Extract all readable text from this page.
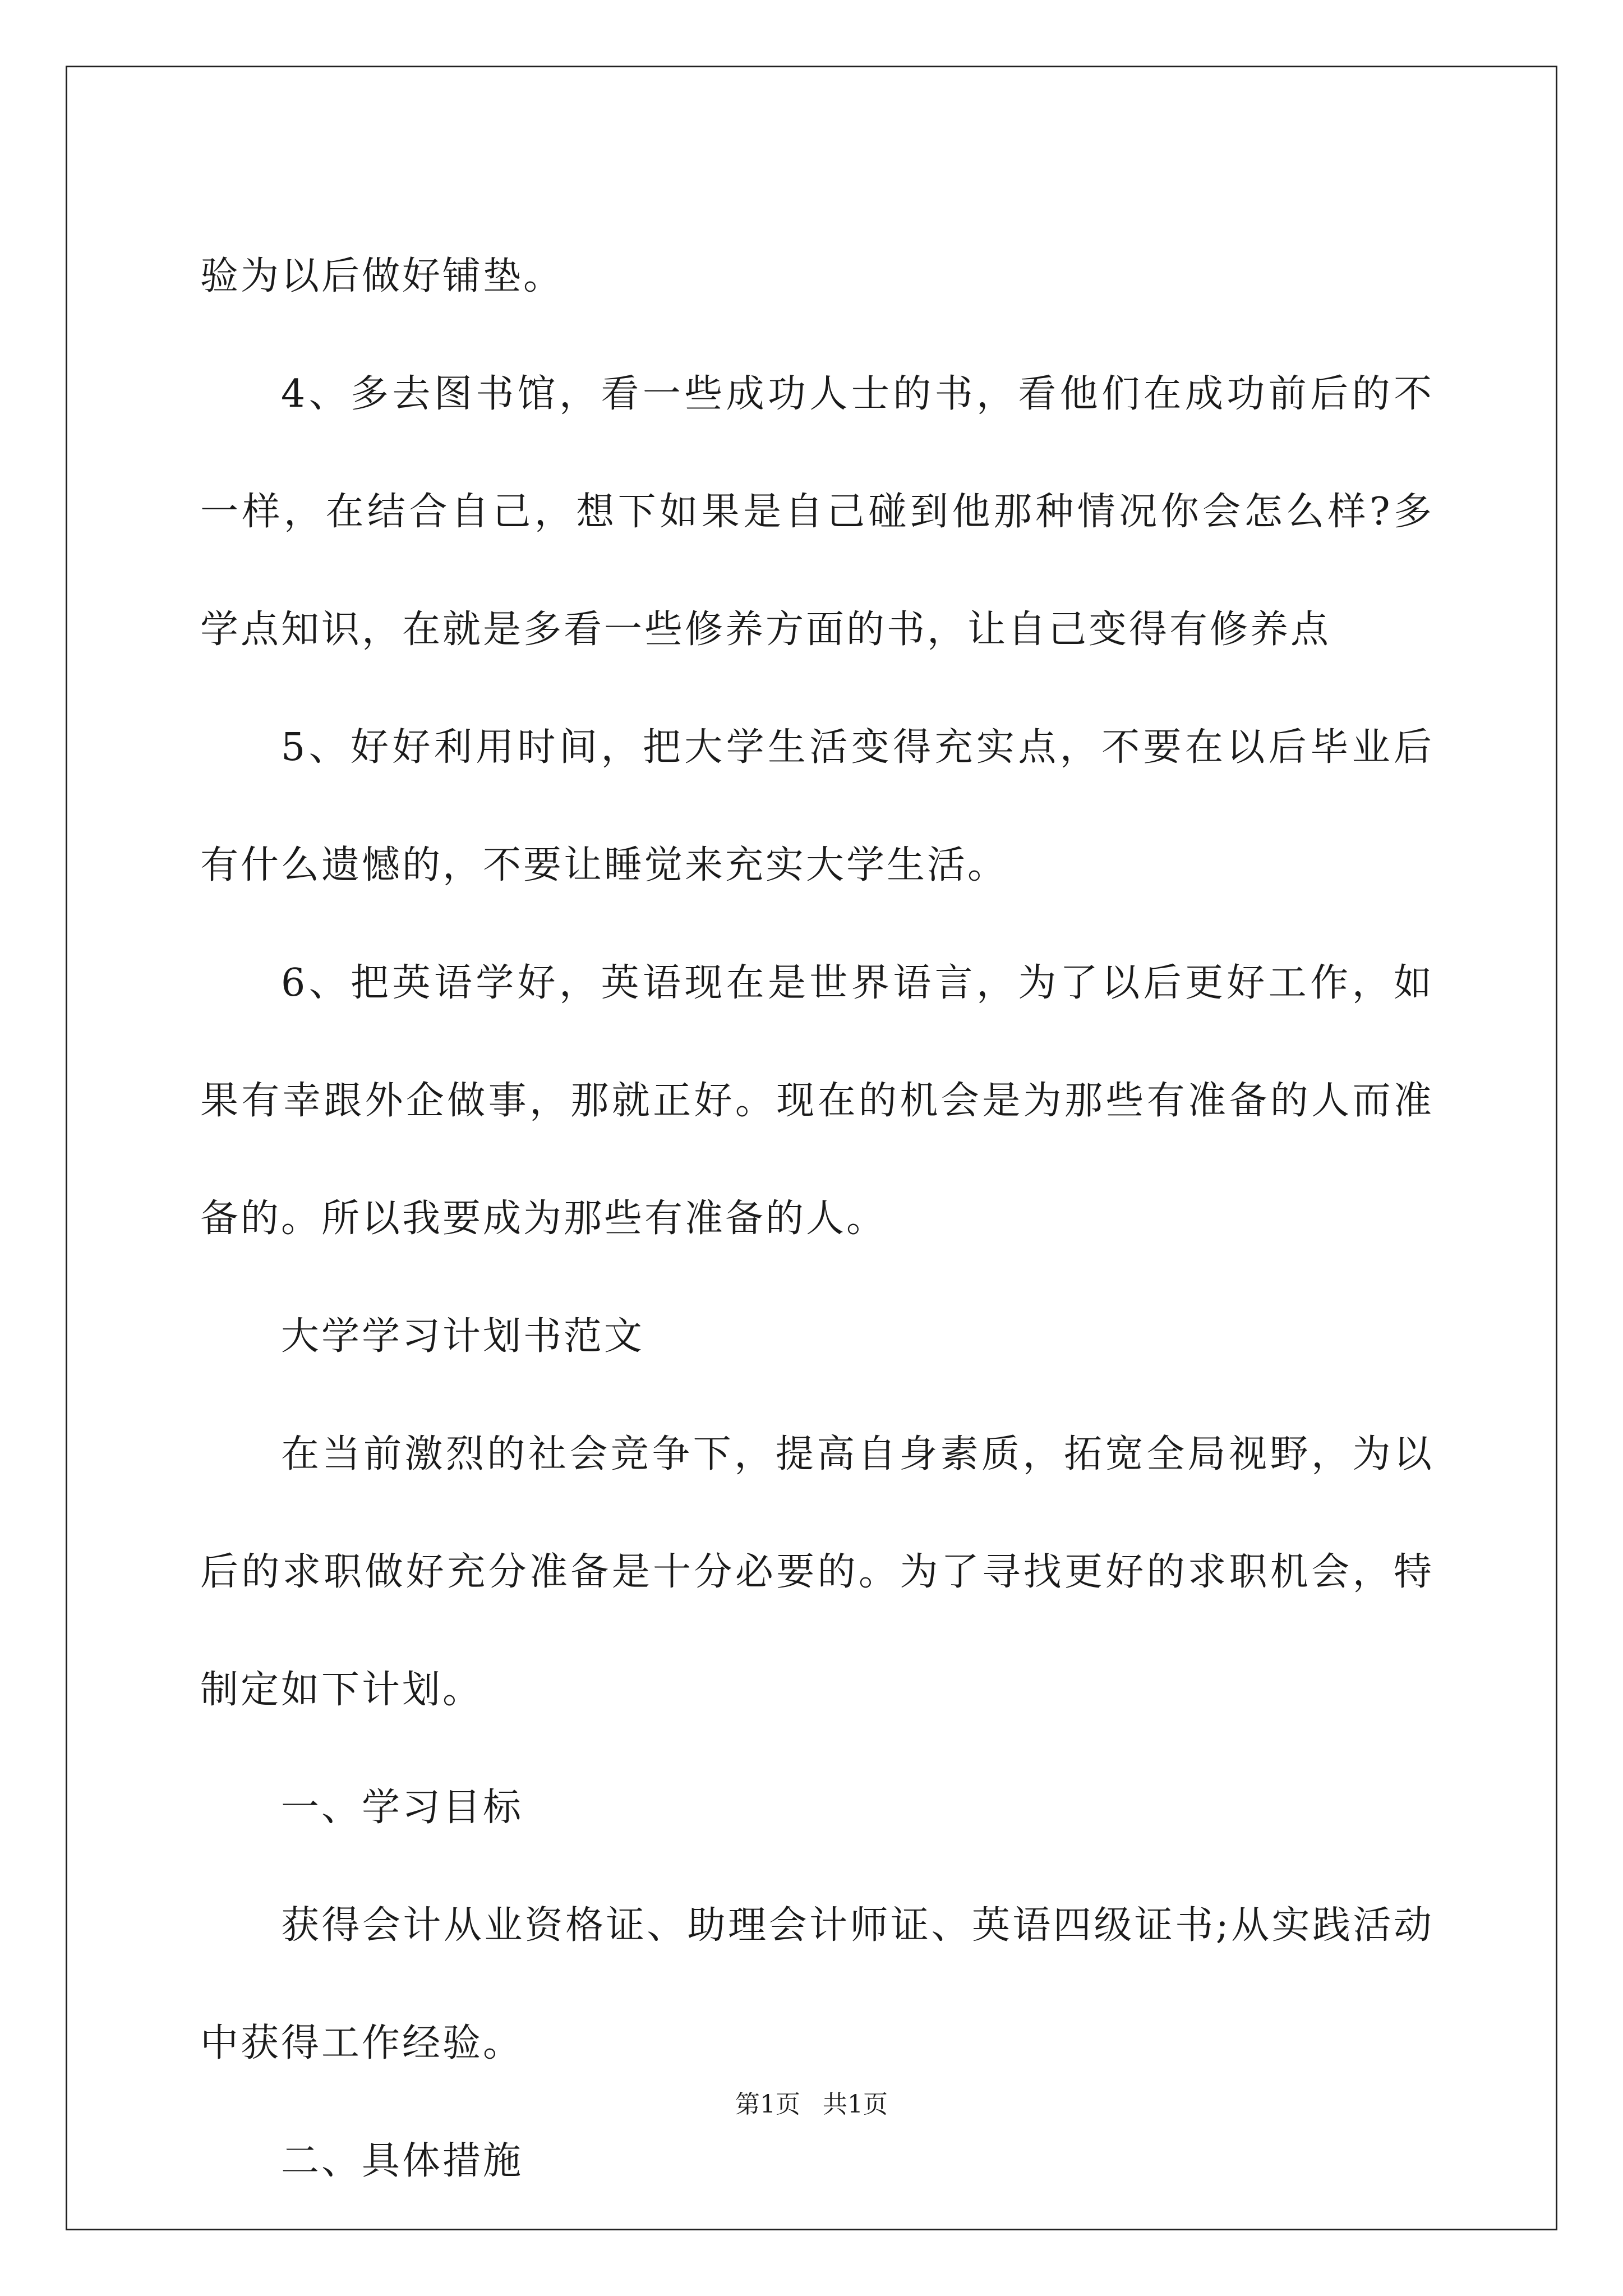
验为以后做好铺垫。

4、多去图书馆，看一些成功人士的书，看他们在成功前后的不一样，在结合自己，想下如果是自己碰到他那种情况你会怎么样?多学点知识，在就是多看一些修养方面的书，让自己变得有修养点

5、好好利用时间，把大学生活变得充实点，不要在以后毕业后有什么遗憾的，不要让睡觉来充实大学生活。

6、把英语学好，英语现在是世界语言，为了以后更好工作，如果有幸跟外企做事，那就正好。现在的机会是为那些有准备的人而准备的。所以我要成为那些有准备的人。

大学学习计划书范文

在当前激烈的社会竞争下，提高自身素质，拓宽全局视野，为以后的求职做好充分准备是十分必要的。为了寻找更好的求职机会，特制定如下计划。

一、学习目标

获得会计从业资格证、助理会计师证、英语四级证书;从实践活动中获得工作经验。

二、具体措施

第1页 共1页
